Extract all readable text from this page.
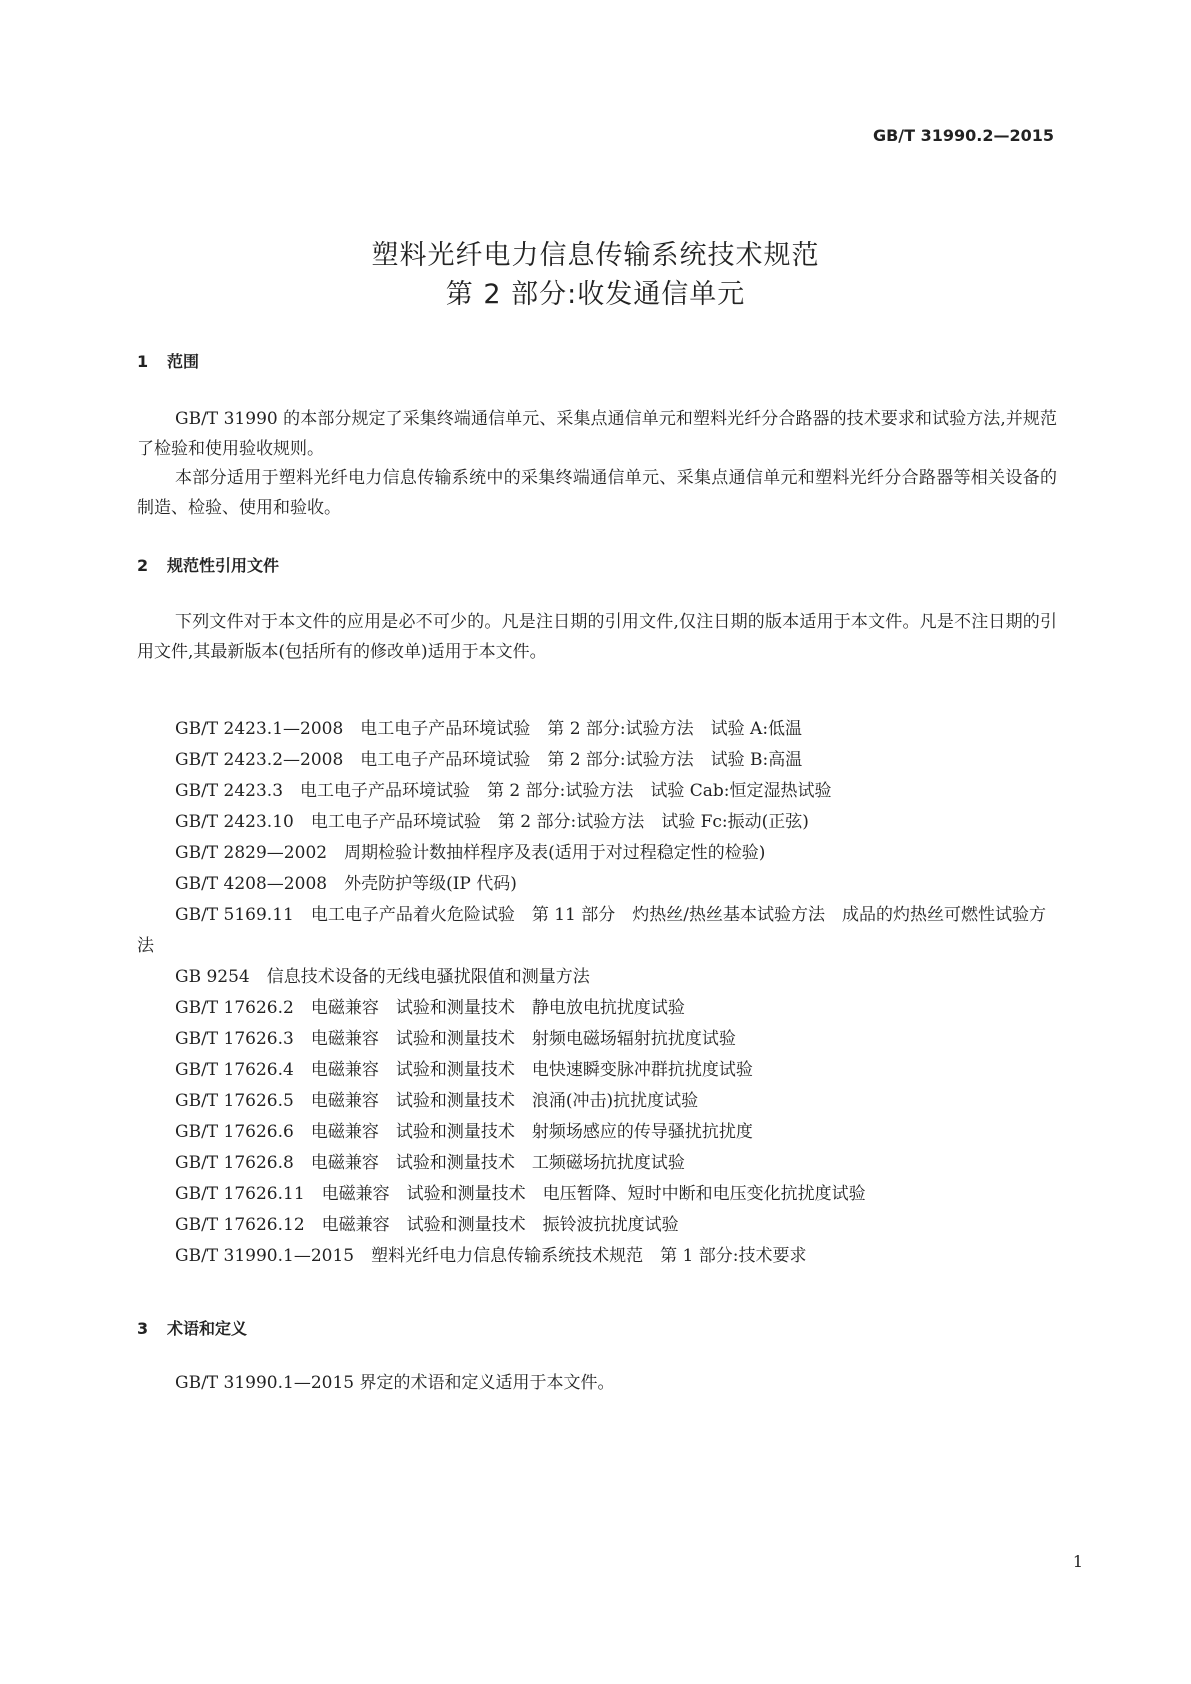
GB/T 31990.2—2015
塑料光纤电力信息传输系统技术规范
第 2 部分:收发通信单元
1 范围

GB/T 31990 的本部分规定了采集终端通信单元、采集点通信单元和塑料光纤分合路器的技术要求和试验方法,并规范了检验和使用验收规则。

本部分适用于塑料光纤电力信息传输系统中的采集终端通信单元、采集点通信单元和塑料光纤分合路器等相关设备的制造、检验、使用和验收。

2 规范性引用文件

下列文件对于本文件的应用是必不可少的。凡是注日期的引用文件,仅注日期的版本适用于本文件。凡是不注日期的引用文件,其最新版本(包括所有的修改单)适用于本文件。

GB/T 2423.1—2008　电工电子产品环境试验　第 2 部分:试验方法　试验 A:低温
GB/T 2423.2—2008　电工电子产品环境试验　第 2 部分:试验方法　试验 B:高温
GB/T 2423.3　电工电子产品环境试验　第 2 部分:试验方法　试验 Cab:恒定湿热试验
GB/T 2423.10　电工电子产品环境试验　第 2 部分:试验方法　试验 Fc:振动(正弦)
GB/T 2829—2002　周期检验计数抽样程序及表(适用于对过程稳定性的检验)
GB/T 4208—2008　外壳防护等级(IP 代码)
GB/T 5169.11　电工电子产品着火危险试验　第 11 部分　灼热丝/热丝基本试验方法　成品的灼热丝可燃性试验方法
GB 9254　信息技术设备的无线电骚扰限值和测量方法
GB/T 17626.2　电磁兼容　试验和测量技术　静电放电抗扰度试验
GB/T 17626.3　电磁兼容　试验和测量技术　射频电磁场辐射抗扰度试验
GB/T 17626.4　电磁兼容　试验和测量技术　电快速瞬变脉冲群抗扰度试验
GB/T 17626.5　电磁兼容　试验和测量技术　浪涌(冲击)抗扰度试验
GB/T 17626.6　电磁兼容　试验和测量技术　射频场感应的传导骚扰抗扰度
GB/T 17626.8　电磁兼容　试验和测量技术　工频磁场抗扰度试验
GB/T 17626.11　电磁兼容　试验和测量技术　电压暂降、短时中断和电压变化抗扰度试验
GB/T 17626.12　电磁兼容　试验和测量技术　振铃波抗扰度试验
GB/T 31990.1—2015　塑料光纤电力信息传输系统技术规范　第 1 部分:技术要求
3 术语和定义

GB/T 31990.1—2015 界定的术语和定义适用于本文件。

1
